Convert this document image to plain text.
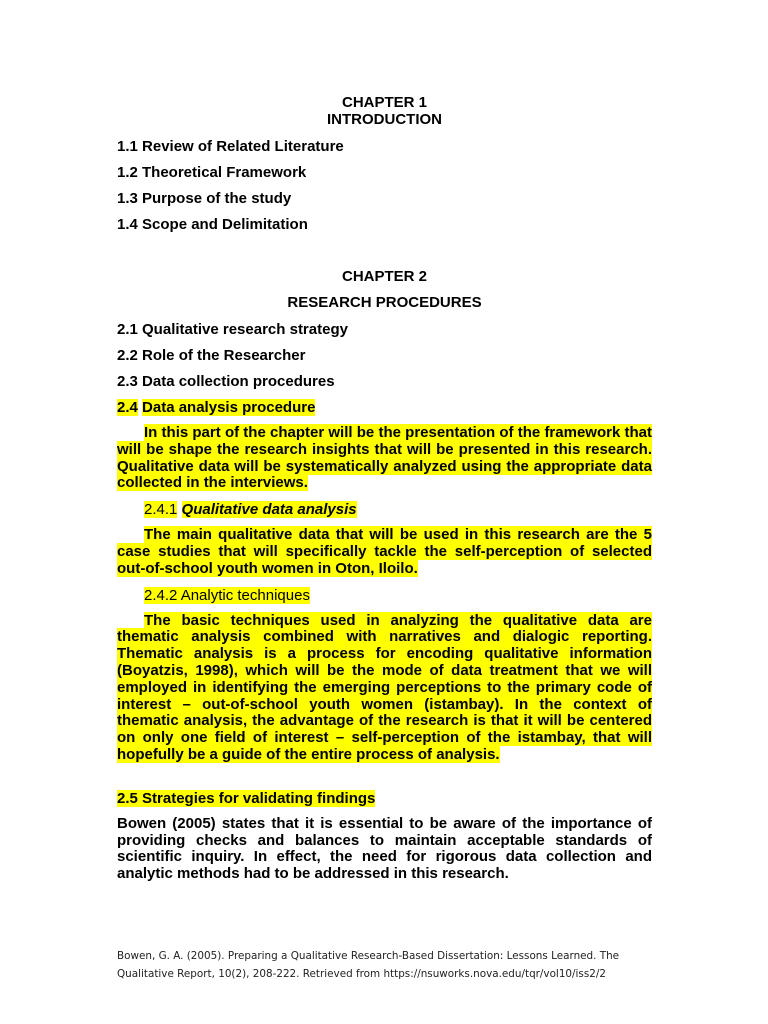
CHAPTER 1
INTRODUCTION
1.1 Review of Related Literature
1.2 Theoretical Framework
1.3 Purpose of the study
1.4 Scope and Delimitation
CHAPTER 2
RESEARCH PROCEDURES
2.1 Qualitative research strategy
2.2 Role of the Researcher
2.3 Data collection procedures
2.4 Data analysis procedure
In this part of the chapter will be the presentation of the framework that will be shape the research insights that will be presented in this research. Qualitative data will be systematically analyzed using the appropriate data collected in the interviews.
2.4.1 Qualitative data analysis
The main qualitative data that will be used in this research are the 5 case studies that will specifically tackle the self-perception of selected out-of-school youth women in Oton, Iloilo.
2.4.2 Analytic techniques
The basic techniques used in analyzing the qualitative data are thematic analysis combined with narratives and dialogic reporting. Thematic analysis is a process for encoding qualitative information (Boyatzis, 1998), which will be the mode of data treatment that we will employed in identifying the emerging perceptions to the primary code of interest – out-of-school youth women (istambay). In the context of thematic analysis, the advantage of the research is that it will be centered on only one field of interest – self-perception of the istambay, that will hopefully be a guide of the entire process of analysis.
2.5 Strategies for validating findings
Bowen (2005) states that it is essential to be aware of the importance of providing checks and balances to maintain acceptable standards of scientific inquiry. In effect, the need for rigorous data collection and analytic methods had to be addressed in this research.
Bowen, G. A. (2005). Preparing a Qualitative Research-Based Dissertation: Lessons Learned. The
Qualitative Report, 10(2), 208-222. Retrieved from https://nsuworks.nova.edu/tqr/vol10/iss2/2
